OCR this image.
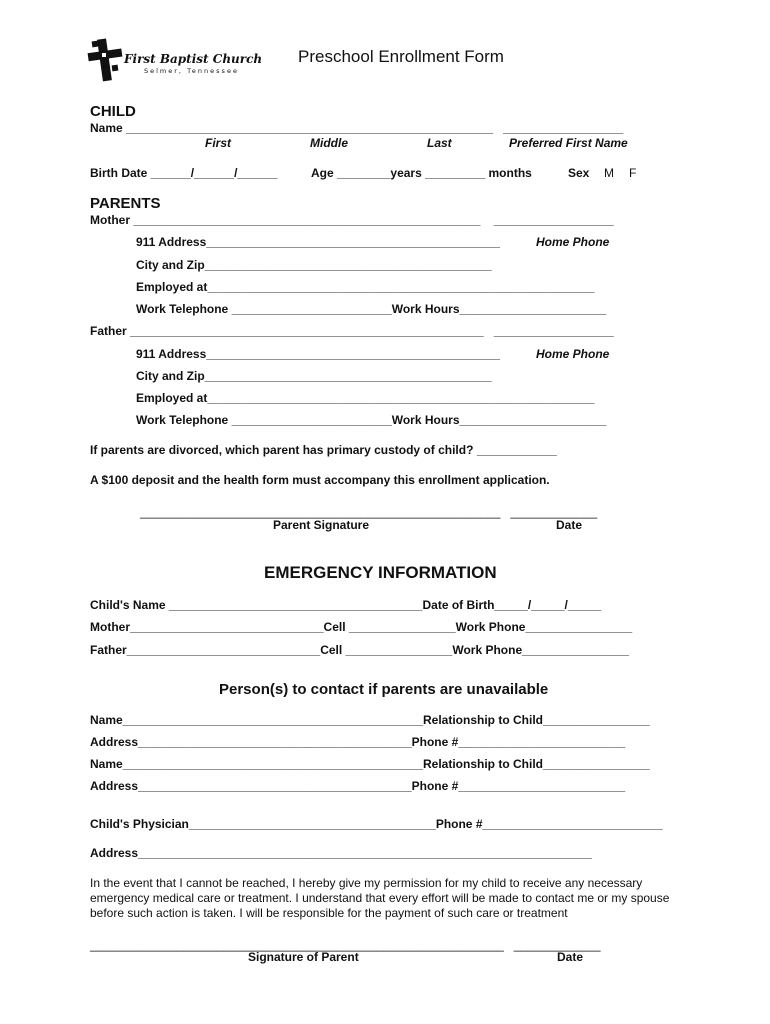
First Baptist Church
Selmer, Tennessee
Preschool Enrollment Form
CHILD
Name _______________________________________________________   __________________
First	Middle	Last	Preferred First Name
Birth Date ______/______/______	Age ________years _________ months	Sex M F
PARENTS
Mother ____________________________________________________    __________________
911 Address____________________________________________	Home Phone
City and Zip___________________________________________
Employed at__________________________________________________________
Work Telephone ________________________Work Hours______________________
Father _____________________________________________________   __________________
911 Address____________________________________________	Home Phone
City and Zip___________________________________________
Employed at__________________________________________________________
Work Telephone ________________________Work Hours______________________
If parents are divorced, which parent has primary custody of child? ____________
A $100 deposit and the health form must accompany this enrollment application.
______________________________________________________   _____________
Parent Signature	Date
EMERGENCY INFORMATION
Child's Name ______________________________________Date of Birth_____/_____/_____
Mother_____________________________Cell ________________Work Phone________________
Father_____________________________Cell ________________Work Phone________________
Person(s) to contact if parents are unavailable
Name_____________________________________________Relationship to Child________________
Address_________________________________________Phone #_________________________
Name_____________________________________________Relationship to Child________________
Address_________________________________________Phone #_________________________
Child's Physician_____________________________________Phone #___________________________
Address____________________________________________________________________
In the event that I cannot be reached, I hereby give my permission for my child to receive any necessary emergency medical care or treatment. I understand that every effort will be made to contact me or my spouse before such action is taken. I will be responsible for the payment of such care or treatment
______________________________________________________________   _____________
Signature of Parent	Date
